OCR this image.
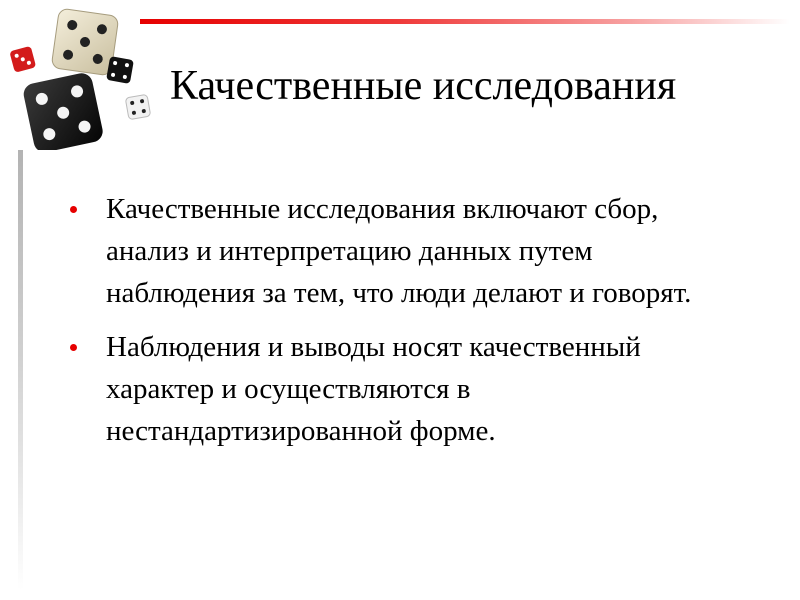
Качественные исследования
Качественные исследования включают сбор, анализ и интерпретацию данных путем наблюдения за тем, что люди делают и говорят.
Наблюдения и выводы носят качественный характер и осуществляются в нестандартизированной форме.
